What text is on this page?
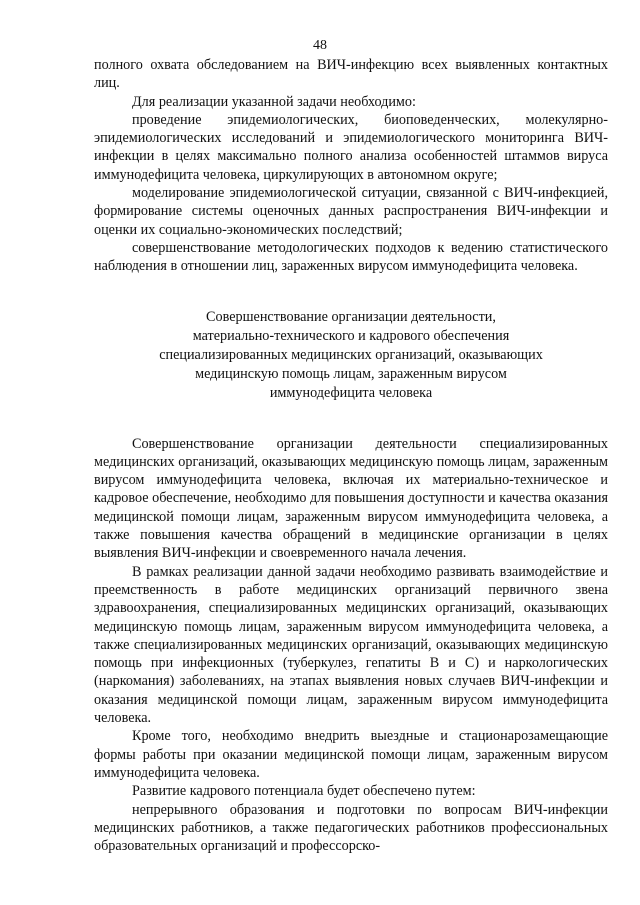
48

полного охвата обследованием на ВИЧ-инфекцию всех выявленных контактных лиц.

Для реализации указанной задачи необходимо:

проведение эпидемиологических, биоповеденческих, молекулярно-эпидемиологических исследований и эпидемиологического мониторинга ВИЧ-инфекции в целях максимально полного анализа особенностей штаммов вируса иммунодефицита человека, циркулирующих в автономном округе;

моделирование эпидемиологической ситуации, связанной с ВИЧ-инфекцией, формирование системы оценочных данных распространения ВИЧ-инфекции и оценки их социально-экономических последствий;

совершенствование методологических подходов к ведению статистического наблюдения в отношении лиц, зараженных вирусом иммунодефицита человека.

Совершенствование организации деятельности,
материально-технического и кадрового обеспечения
специализированных медицинских организаций, оказывающих
медицинскую помощь лицам, зараженным вирусом
иммунодефицита человека

Совершенствование организации деятельности специализированных медицинских организаций, оказывающих медицинскую помощь лицам, зараженным вирусом иммунодефицита человека, включая их материально-техническое и кадровое обеспечение, необходимо для повышения доступности и качества оказания медицинской помощи лицам, зараженным вирусом иммунодефицита человека, а также повышения качества обращений в медицинские организации в целях выявления ВИЧ-инфекции и своевременного начала лечения.

В рамках реализации данной задачи необходимо развивать взаимодействие и преемственность в работе медицинских организаций первичного звена здравоохранения, специализированных медицинских организаций, оказывающих медицинскую помощь лицам, зараженным вирусом иммунодефицита человека, а также специализированных медицинских организаций, оказывающих медицинскую помощь при инфекционных (туберкулез, гепатиты В и С) и наркологических (наркомания) заболеваниях, на этапах выявления новых случаев ВИЧ-инфекции и оказания медицинской помощи лицам, зараженным вирусом иммунодефицита человека.

Кроме того, необходимо внедрить выездные и стационарозамещающие формы работы при оказании медицинской помощи лицам, зараженным вирусом иммунодефицита человека.

Развитие кадрового потенциала будет обеспечено путем:

непрерывного образования и подготовки по вопросам ВИЧ-инфекции медицинских работников, а также педагогических работников профессиональных образовательных организаций и профессорско-
